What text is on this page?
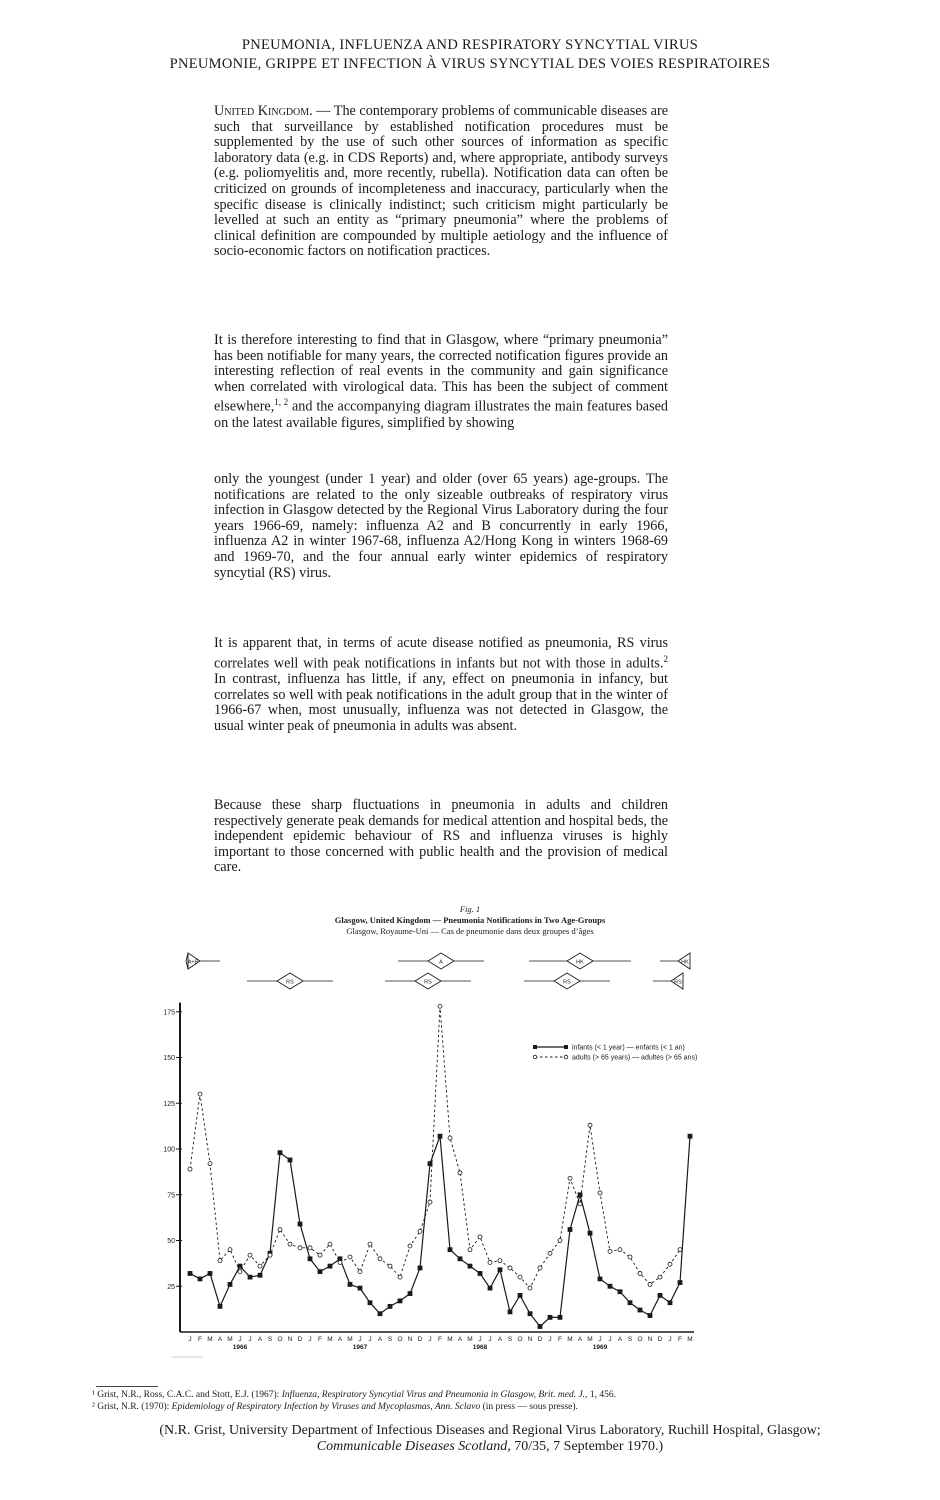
PNEUMONIA, INFLUENZA AND RESPIRATORY SYNCYTIAL VIRUS
PNEUMONIE, GRIPPE ET INFECTION À VIRUS SYNCYTIAL DES VOIES RESPIRATOIRES

United Kingdom. — The contemporary problems of communicable diseases are such that surveillance by established notification procedures must be supplemented by the use of such other sources of information as specific laboratory data (e.g. in CDS Reports) and, where appropriate, antibody surveys (e.g. poliomyelitis and, more recently, rubella). Notification data can often be criticized on grounds of incompleteness and inaccuracy, particularly when the specific disease is clinically indistinct; such criticism might particularly be levelled at such an entity as “primary pneumonia” where the problems of clinical definition are compounded by multiple aetiology and the influence of socio-economic factors on notification practices.

It is therefore interesting to find that in Glasgow, where “primary pneumonia” has been notifiable for many years, the corrected notification figures provide an interesting reflection of real events in the community and gain significance when correlated with virological data. This has been the subject of comment elsewhere,$^{1, 2}$ and the accompanying diagram illustrates the main features based on the latest available figures, simplified by showing

only the youngest (under 1 year) and older (over 65 years) age-groups. The notifications are related to the only sizeable outbreaks of respiratory virus infection in Glasgow detected by the Regional Virus Laboratory during the four years 1966-69, namely: influenza A2 and B concurrently in early 1966, influenza A2 in winter 1967-68, influenza A2/Hong Kong in winters 1968-69 and 1969-70, and the four annual early winter epidemics of respiratory syncytial (RS) virus.

It is apparent that, in terms of acute disease notified as pneumonia, RS virus correlates well with peak notifications in infants but not with those in adults.$^2$ In contrast, influenza has little, if any, effect on pneumonia in infancy, but correlates so well with peak notifications in the adult group that in the winter of 1966-67 when, most unusually, influenza was not detected in Glasgow, the usual winter peak of pneumonia in adults was absent.

Because these sharp fluctuations in pneumonia in adults and children respectively generate peak demands for medical attention and hospital beds, the independent epidemic behaviour of RS and influenza viruses is highly important to those concerned with public health and the provision of medical care.

Fig. 1
Glasgow, United Kingdom — Pneumonia Notifications in Two Age-Groups
Glasgow, Royaume-Uni — Cas de pneumonie dans deux groupes d’âges
25
50
75
100
125
150
175
J F M A M J J A S O N D J F M A M J J A S O N D J F M A M J J A S O N D J F M A M J J A S O N D J F M
1966	1967	1968	1969
infants (< 1 year) — enfants (< 1 an)
adults (> 65 years) — adultes (> 65 ans)
A+B
RS
A
RS
HK
RS
HK
RS
¹ Grist, N.R., Ross, C.A.C. and Stott, E.J. (1967): Influenza, Respiratory Syncytial Virus and Pneumonia in Glasgow, Brit. med. J., 1, 456.
² Grist, N.R. (1970): Epidemiology of Respiratory Infection by Viruses and Mycoplasmas, Ann. Sclavo (in press — sous presse).
(N.R. Grist, University Department of Infectious Diseases and Regional Virus Laboratory, Ruchill Hospital, Glasgow;
Communicable Diseases Scotland, 70/35, 7 September 1970.)
